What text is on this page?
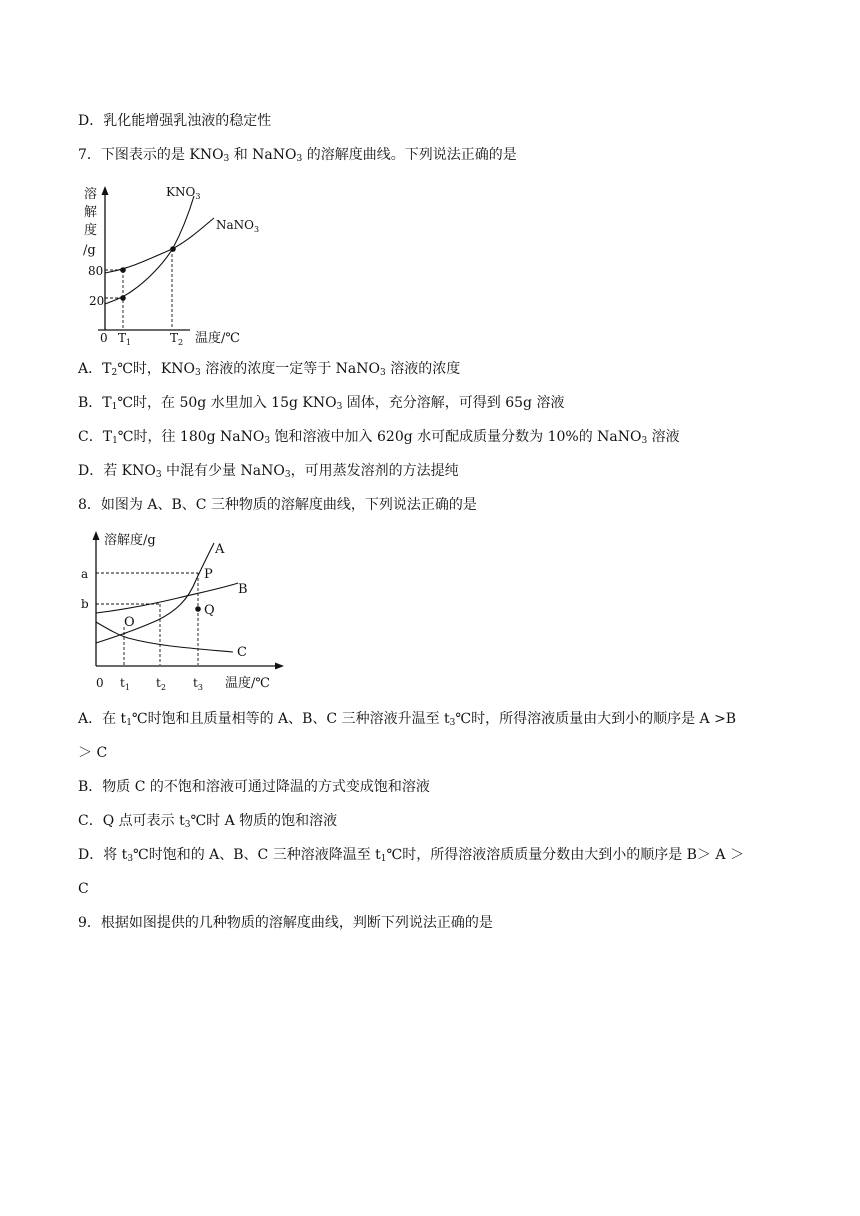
D．乳化能增强乳浊液的稳定性
7．下图表示的是 $KNO_3$ 和 NaNO$_3$ 的溶解度曲线。下列说法正确的是
溶
解
度
/g
80
20
0 $T_1$	$T_2$ 温度/℃
$KNO_3$
NaNO$_3$
A．$T_2℃$时，$KNO_3$ 溶液的浓度一定等于 NaNO$_3$ 溶液的浓度
B．$T_1℃$时，在 50g 水里加入 15g $KNO_3$ 固体，充分溶解，可得到 65g 溶液
C．$T_1℃$时，往 180g NaNO$_3$ 饱和溶液中加入 620g 水可配成质量分数为 10%的 NaNO$_3$ 溶液
D．若 $KNO_3$ 中混有少量 NaNO$_3$，可用蒸发溶剂的方法提纯
8．如图为 A、B、C 三种物质的溶解度曲线，下列说法正确的是
溶解度/g
a
b
0 $t_1$ $t_2$ $t_3$ 温度/℃
A
B
C
P
Q
O
A．在 $t_1℃$时饱和且质量相等的 A、B、C 三种溶液升温至 $t_3℃$时，所得溶液质量由大到小的顺序是 A >B
＞ C
B．物质 C 的不饱和溶液可通过降温的方式变成饱和溶液
C．Q 点可表示 $t_3℃$时 A 物质的饱和溶液
D．将 $t_3℃$时饱和的 A、B、C 三种溶液降温至 $t_1℃$时，所得溶液溶质质量分数由大到小的顺序是 B＞ A ＞
C
9．根据如图提供的几种物质的溶解度曲线，判断下列说法正确的是
